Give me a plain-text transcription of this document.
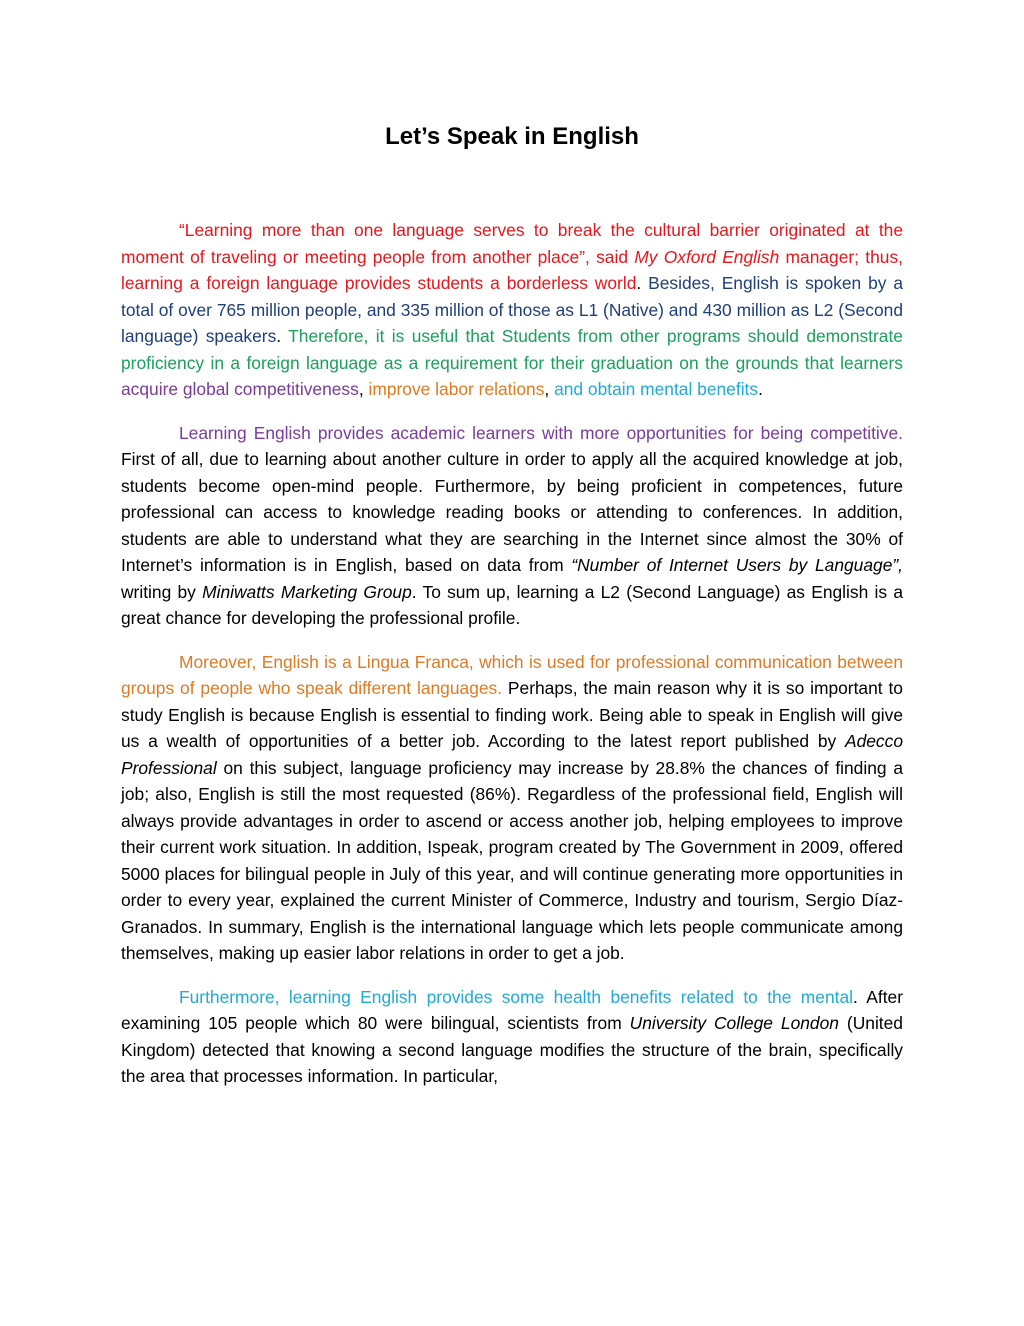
Let’s Speak in English

“Learning more than one language serves to break the cultural barrier originated at the moment of traveling or meeting people from another place”, said My Oxford English manager; thus, learning a foreign language provides students a borderless world. Besides, English is spoken by a total of over 765 million people, and 335 million of those as L1 (Native) and 430 million as L2 (Second language) speakers. Therefore, it is useful that Students from other programs should demonstrate proficiency in a foreign language as a requirement for their graduation on the grounds that learners acquire global competitiveness, improve labor relations, and obtain mental benefits.

Learning English provides academic learners with more opportunities for being competitive. First of all, due to learning about another culture in order to apply all the acquired knowledge at job, students become open-mind people. Furthermore, by being proficient in competences, future professional can access to knowledge reading books or attending to conferences. In addition, students are able to understand what they are searching in the Internet since almost the 30% of Internet’s information is in English, based on data from “Number of Internet Users by Language”, writing by Miniwatts Marketing Group. To sum up, learning a L2 (Second Language) as English is a great chance for developing the professional profile.

Moreover, English is a Lingua Franca, which is used for professional communication between groups of people who speak different languages. Perhaps, the main reason why it is so important to study English is because English is essential to finding work. Being able to speak in English will give us a wealth of opportunities of a better job. According to the latest report published by Adecco Professional on this subject, language proficiency may increase by 28.8% the chances of finding a job; also, English is still the most requested (86%). Regardless of the professional field, English will always provide advantages in order to ascend or access another job, helping employees to improve their current work situation. In addition, Ispeak, program created by The Government in 2009, offered 5000 places for bilingual people in July of this year, and will continue generating more opportunities in order to every year, explained the current Minister of Commerce, Industry and tourism, Sergio Díaz-Granados. In summary, English is the international language which lets people communicate among themselves, making up easier labor relations in order to get a job.

Furthermore, learning English provides some health benefits related to the mental. After examining 105 people which 80 were bilingual, scientists from University College London (United Kingdom) detected that knowing a second language modifies the structure of the brain, specifically the area that processes information. In particular,
